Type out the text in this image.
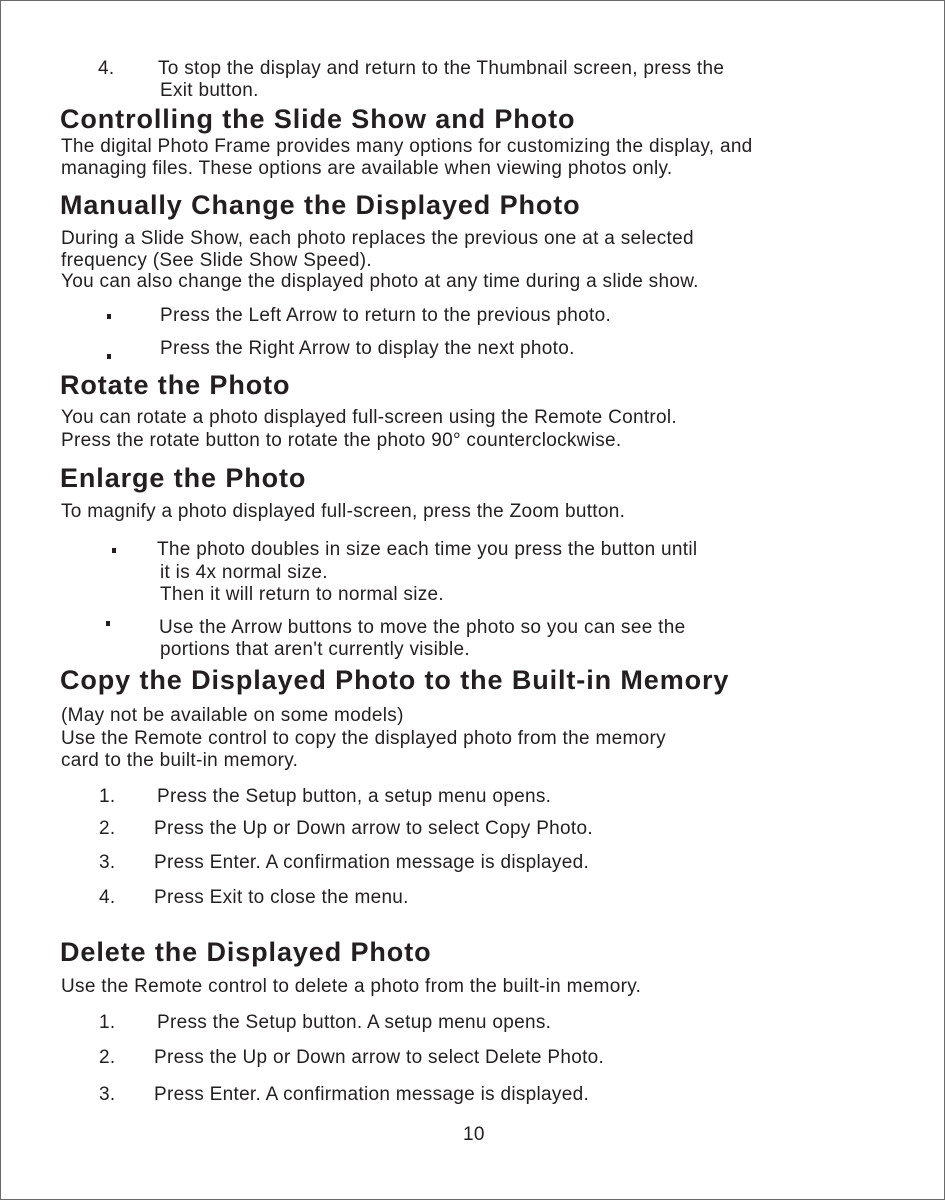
4. To stop the display and return to the Thumbnail screen, press the
Exit button.
Controlling the Slide Show and Photo
The digital Photo Frame provides many options for customizing the display, and
managing files. These options are available when viewing photos only.
Manually Change the Displayed Photo
During a Slide Show, each photo replaces the previous one at a selected
frequency (See Slide Show Speed).
You can also change the displayed photo at any time during a slide show.
Press the Left Arrow to return to the previous photo.
Press the Right Arrow to display the next photo.
Rotate the Photo
You can rotate a photo displayed full-screen using the Remote Control.
Press the rotate button to rotate the photo 90° counterclockwise.
Enlarge the Photo
To magnify a photo displayed full-screen, press the Zoom button.
The photo doubles in size each time you press the button until
it is 4x normal size.
Then it will return to normal size.
Use the Arrow buttons to move the photo so you can see the
portions that aren't currently visible.
Copy the Displayed Photo to the Built-in Memory
(May not be available on some models)
Use the Remote control to copy the displayed photo from the memory
card to the built-in memory.
1. Press the Setup button, a setup menu opens.
2. Press the Up or Down arrow to select Copy Photo.
3. Press Enter. A confirmation message is displayed.
4. Press Exit to close the menu.
Delete the Displayed Photo
Use the Remote control to delete a photo from the built-in memory.
1. Press the Setup button. A setup menu opens.
2. Press the Up or Down arrow to select Delete Photo.
3. Press Enter. A confirmation message is displayed.
10
